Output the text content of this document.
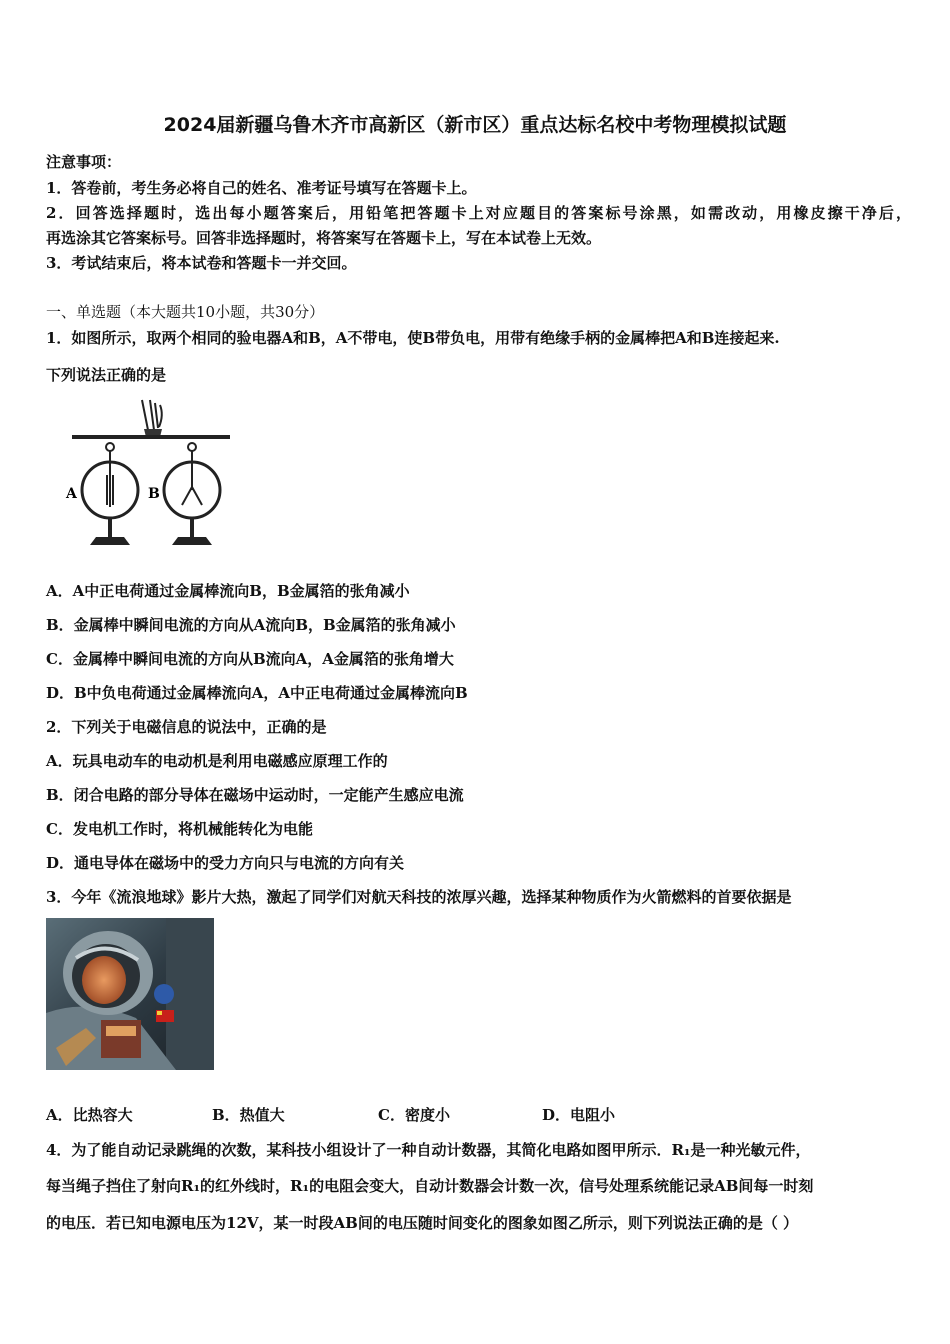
2024届新疆乌鲁木齐市高新区（新市区）重点达标名校中考物理模拟试题
注意事项：
1．答卷前，考生务必将自己的姓名、准考证号填写在答题卡上。
2．回答选择题时，选出每小题答案后，用铅笔把答题卡上对应题目的答案标号涂黑，如需改动，用橡皮擦干净后，
再选涂其它答案标号。回答非选择题时，将答案写在答题卡上，写在本试卷上无效。
3．考试结束后，将本试卷和答题卡一并交回。
一、单选题（本大题共10小题，共30分）
1．如图所示，取两个相同的验电器A和B，A不带电，使B带负电，用带有绝缘手柄的金属棒把A和B连接起来.
下列说法正确的是
A	B
A．A中正电荷通过金属棒流向B，B金属箔的张角减小
B．金属棒中瞬间电流的方向从A流向B，B金属箔的张角减小
C．金属棒中瞬间电流的方向从B流向A，A金属箔的张角增大
D．B中负电荷通过金属棒流向A，A中正电荷通过金属棒流向B
2．下列关于电磁信息的说法中，正确的是
A．玩具电动车的电动机是利用电磁感应原理工作的
B．闭合电路的部分导体在磁场中运动时，一定能产生感应电流
C．发电机工作时，将机械能转化为电能
D．通电导体在磁场中的受力方向只与电流的方向有关
3．今年《流浪地球》影片大热，激起了同学们对航天科技的浓厚兴趣，选择某种物质作为火箭燃料的首要依据是
A．比热容大	B．热值大	C．密度小	D．电阻小
4．为了能自动记录跳绳的次数，某科技小组设计了一种自动计数器，其简化电路如图甲所示．R₁是一种光敏元件，
每当绳子挡住了射向R₁的红外线时，R₁的电阻会变大，自动计数器会计数一次，信号处理系统能记录AB间每一时刻
的电压．若已知电源电压为12V，某一时段AB间的电压随时间变化的图象如图乙所示，则下列说法正确的是（ ）
